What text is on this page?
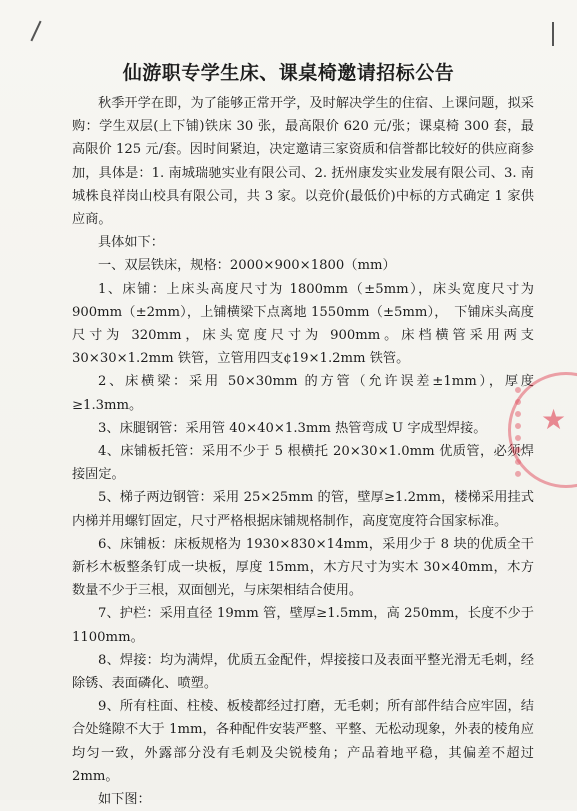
仙游职专学生床、课桌椅邀请招标公告

秋季开学在即，为了能够正常开学，及时解决学生的住宿、上课问题，拟采购：学生双层(上下铺)铁床 30 张，最高限价 620 元/张；课桌椅 300 套，最高限价 125 元/套。因时间紧迫，决定邀请三家资质和信誉都比较好的供应商参加，具体是：1. 南城瑞驰实业有限公司、2. 抚州康发实业发展有限公司、3. 南城株良祥岗山校具有限公司，共 3 家。以竞价(最低价)中标的方式确定 1 家供应商。

具体如下：

一、双层铁床，规格：2000×900×1800（mm）

1、床铺：上床头高度尺寸为 1800mm（±5mm），床头宽度尺寸为 900mm（±2mm），上铺横梁下点离地 1550mm（±5mm），　下铺床头高度尺寸为 320mm，床头宽度尺寸为 900mm。床档横管采用两支 30×30×1.2mm 铁管，立管用四支¢19×1.2mm 铁管。

2、床横梁：采用 50×30mm 的方管（允许误差±1mm），厚度≥1.3mm。

3、床腿钢管：采用管 40×40×1.3mm 热管弯成 U 字成型焊接。

4、床铺板托管：采用不少于 5 根横托 20×30×1.0mm 优质管，必须焊接固定。

5、梯子两边钢管：采用 25×25mm 的管，壁厚≥1.2mm，楼梯采用挂式内梯并用螺钉固定，尺寸严格根据床铺规格制作，高度宽度符合国家标准。

6、床铺板：床板规格为 1930×830×14mm，采用少于 8 块的优质全干新杉木板整条钉成一块板，厚度 15mm，木方尺寸为实木 30×40mm，木方数量不少于三根，双面刨光，与床架相结合使用。

7、护栏：采用直径 19mm 管，壁厚≥1.5mm，高 250mm，长度不少于 1100mm。

8、焊接：均为满焊，优质五金配件，焊接接口及表面平整光滑无毛刺，经除锈、表面磷化、喷塑。

9、所有柱面、柱棱、板棱都经过打磨，无毛刺；所有部件结合应牢固，结合处缝隙不大于 1mm，各种配件安装严整、平整、无松动现象，外表的棱角应均匀一致，外露部分没有毛刺及尖锐棱角；产品着地平稳，其偏差不超过 2mm。

如下图：

★
